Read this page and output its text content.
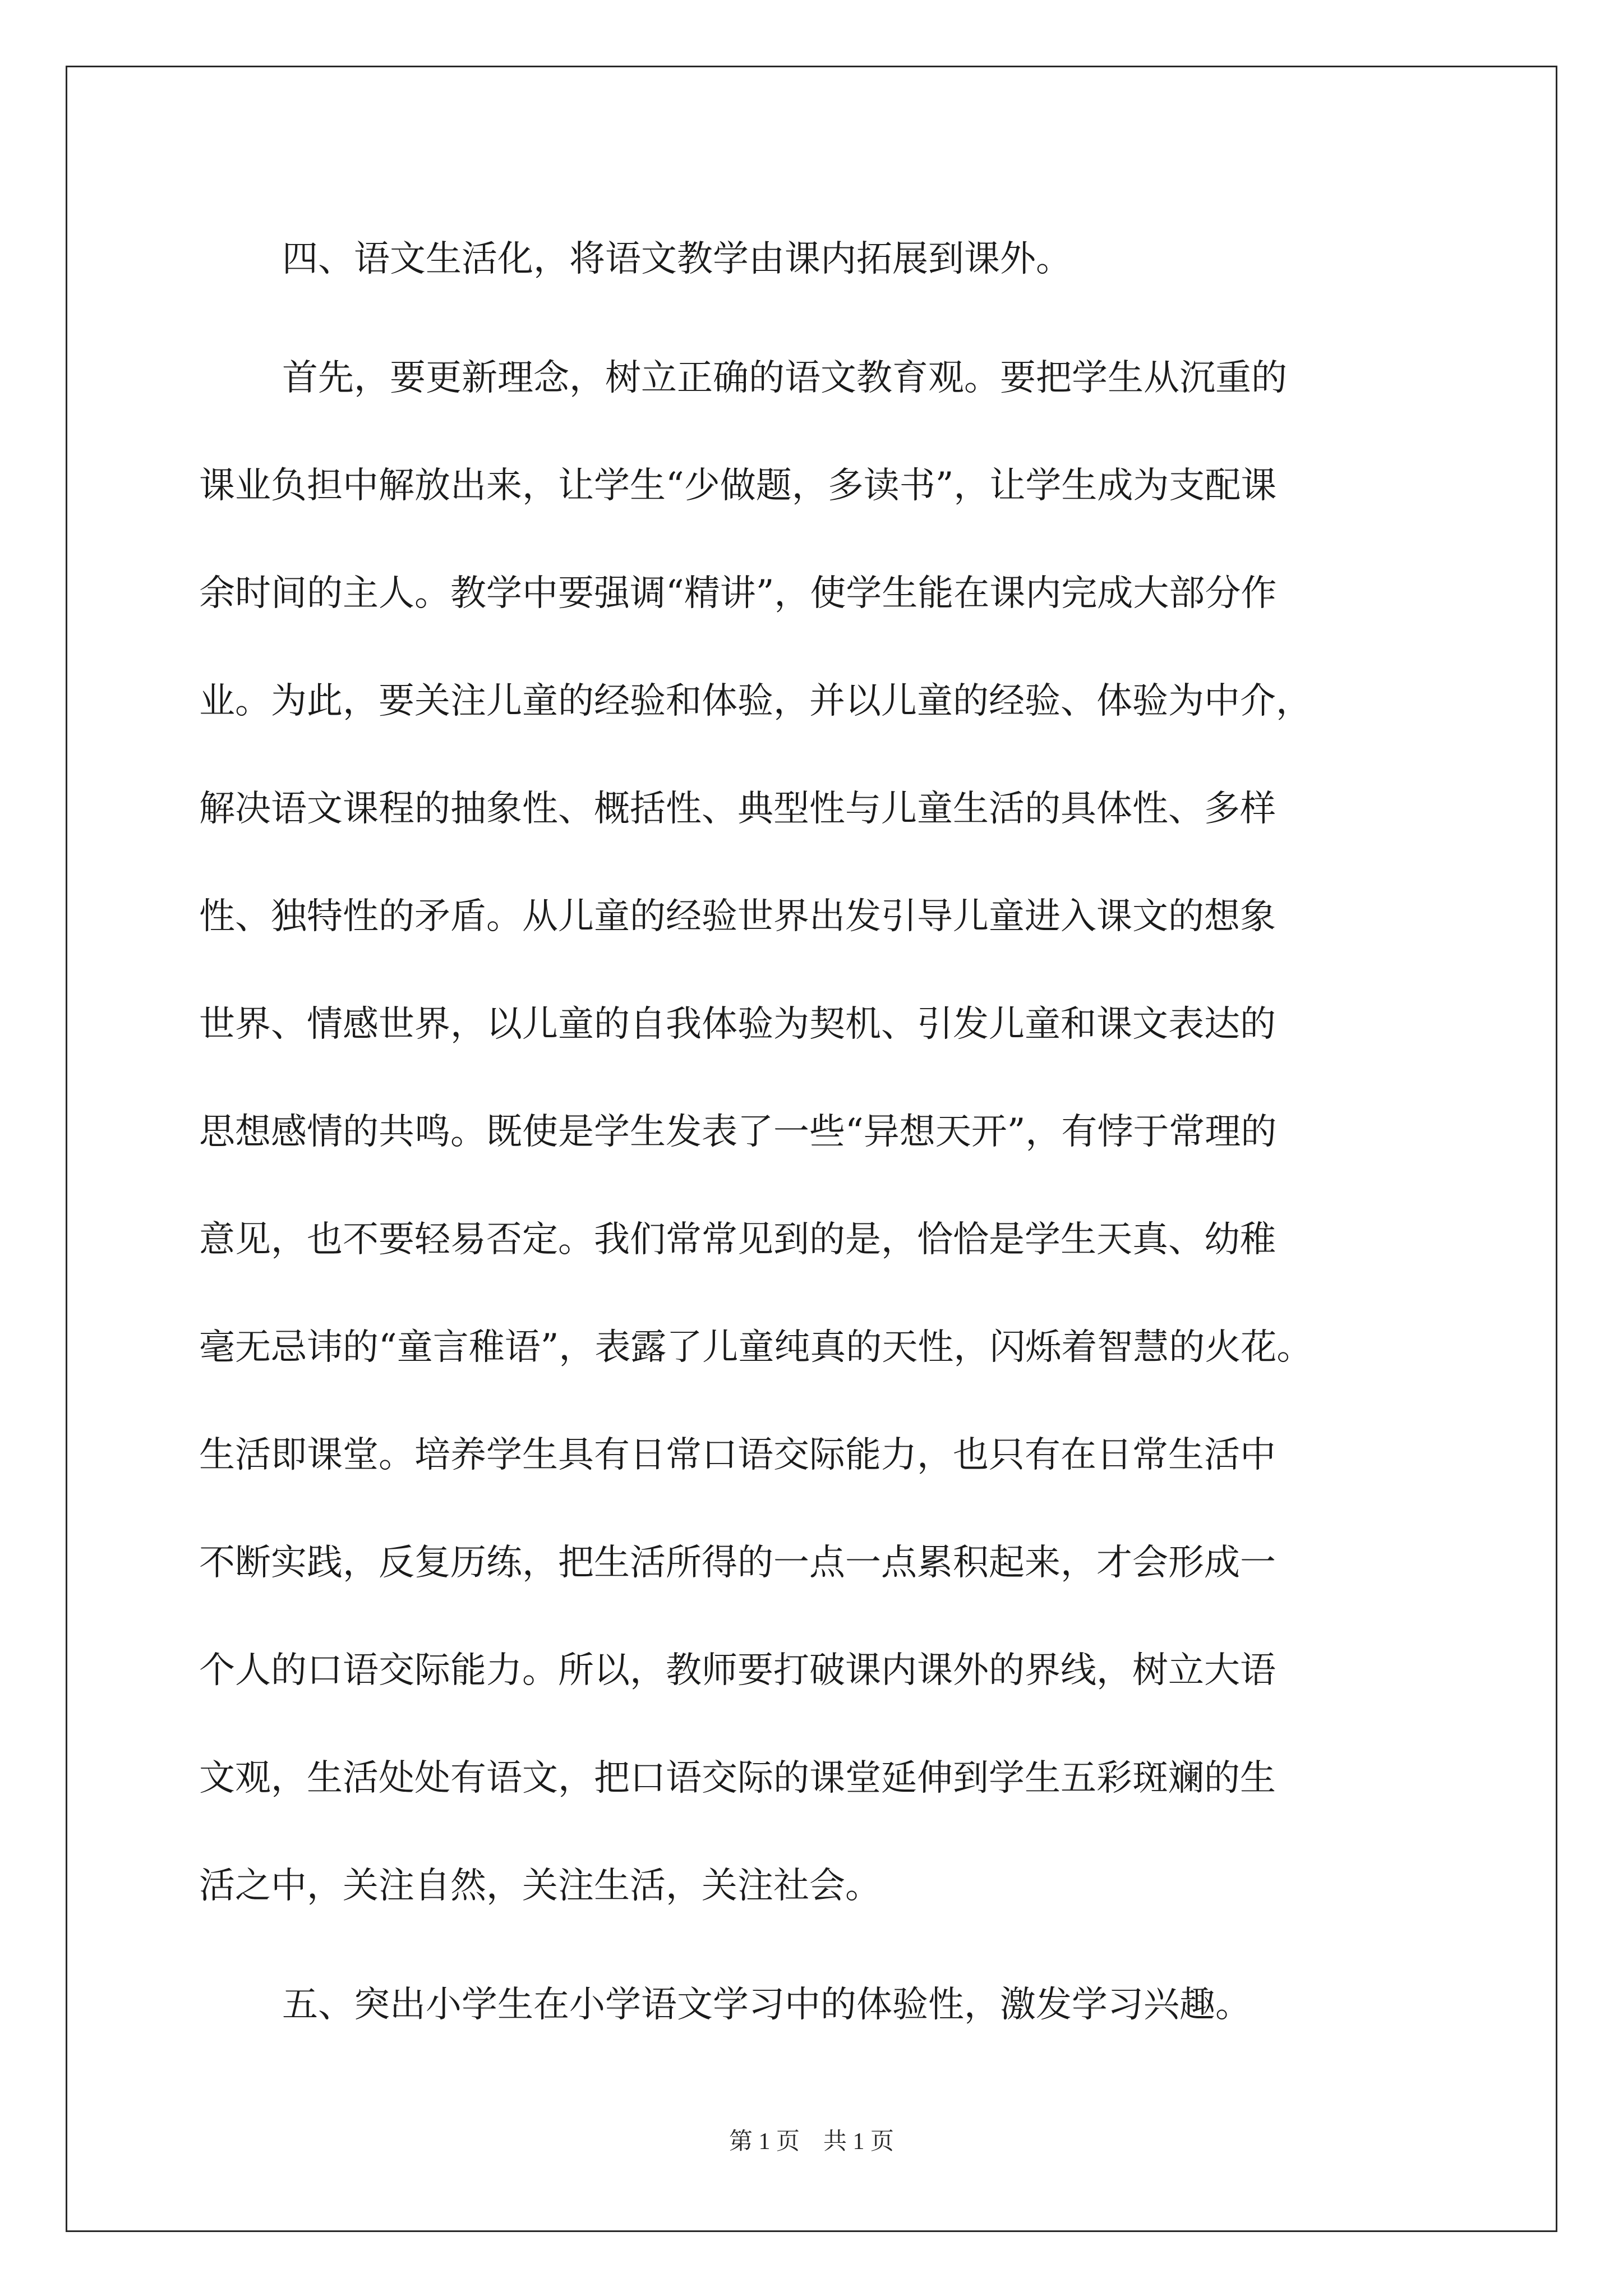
四、语文生活化，将语文教学由课内拓展到课外。
首先，要更新理念，树立正确的语文教育观。要把学生从沉重的
课业负担中解放出来，让学生“少做题，多读书”，让学生成为支配课
余时间的主人。教学中要强调“精讲”，使学生能在课内完成大部分作
业。为此，要关注儿童的经验和体验，并以儿童的经验、体验为中介，
解决语文课程的抽象性、概括性、典型性与儿童生活的具体性、多样
性、独特性的矛盾。从儿童的经验世界出发引导儿童进入课文的想象
世界、情感世界，以儿童的自我体验为契机、引发儿童和课文表达的
思想感情的共鸣。既使是学生发表了一些“异想天开”，有悖于常理的
意见，也不要轻易否定。我们常常见到的是，恰恰是学生天真、幼稚
毫无忌讳的“童言稚语”，表露了儿童纯真的天性，闪烁着智慧的火花。
生活即课堂。培养学生具有日常口语交际能力，也只有在日常生活中
不断实践，反复历练，把生活所得的一点一点累积起来，才会形成一
个人的口语交际能力。所以，教师要打破课内课外的界线，树立大语
文观，生活处处有语文，把口语交际的课堂延伸到学生五彩斑斓的生
活之中，关注自然，关注生活，关注社会。
五、突出小学生在小学语文学习中的体验性，激发学习兴趣。
第 1 页　共 1 页
